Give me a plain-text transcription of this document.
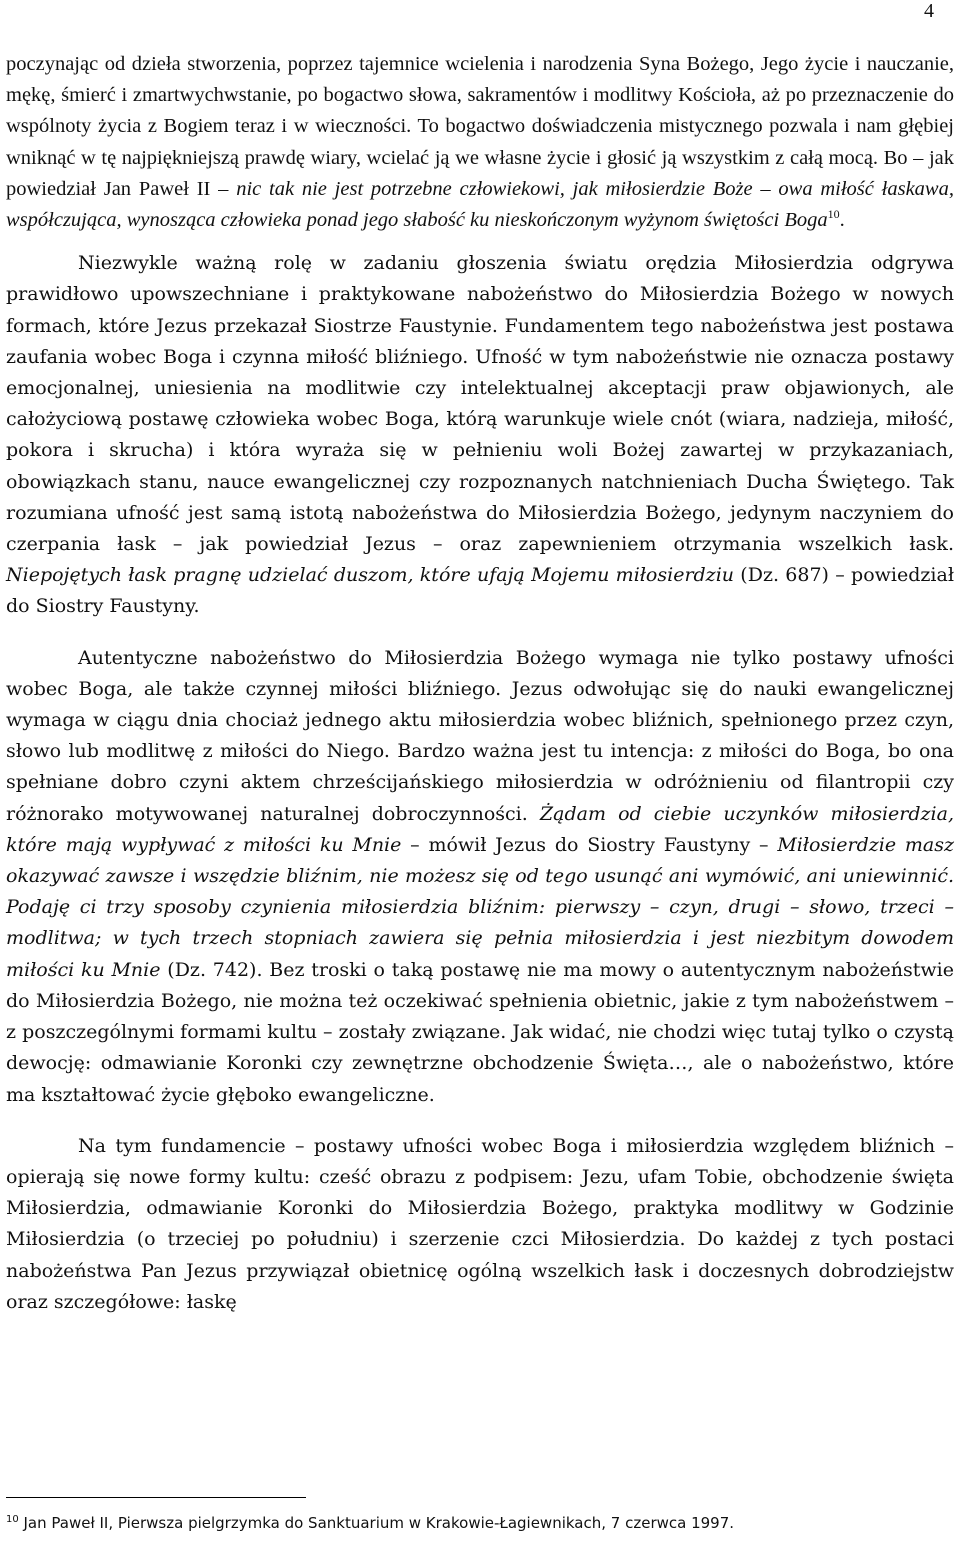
4

poczynając od dzieła stworzenia, poprzez tajemnice wcielenia i narodzenia Syna Bożego, Jego życie i nauczanie, mękę, śmierć i zmartwychwstanie, po bogactwo słowa, sakramentów i modlitwy Kościoła, aż po przeznaczenie do wspólnoty życia z Bogiem teraz i w wieczności. To bogactwo doświadczenia mistycznego pozwala i nam głębiej wniknąć w tę najpiękniejszą prawdę wiary, wcielać ją we własne życie i głosić ją wszystkim z całą mocą. Bo – jak powiedział Jan Paweł II – nic tak nie jest potrzebne człowiekowi, jak miłosierdzie Boże – owa miłość łaskawa, współczująca, wynosząca człowieka ponad jego słabość ku nieskończonym wyżynom świętości Boga$^{10}$.

Niezwykle ważną rolę w zadaniu głoszenia światu orędzia Miłosierdzia odgrywa prawidłowo upowszechniane i praktykowane nabożeństwo do Miłosierdzia Bożego w nowych formach, które Jezus przekazał Siostrze Faustynie. Fundamentem tego nabożeństwa jest postawa zaufania wobec Boga i czynna miłość bliźniego. Ufność w tym nabożeństwie nie oznacza postawy emocjonalnej, uniesienia na modlitwie czy intelektualnej akceptacji praw objawionych, ale całożyciową postawę człowieka wobec Boga, którą warunkuje wiele cnót (wiara, nadzieja, miłość, pokora i skrucha) i która wyraża się w pełnieniu woli Bożej zawartej w przykazaniach, obowiązkach stanu, nauce ewangelicznej czy rozpoznanych natchnieniach Ducha Świętego. Tak rozumiana ufność jest samą istotą nabożeństwa do Miłosierdzia Bożego, jedynym naczyniem do czerpania łask – jak powiedział Jezus – oraz zapewnieniem otrzymania wszelkich łask. Niepojętych łask pragnę udzielać duszom, które ufają Mojemu miłosierdziu (Dz. 687) – powiedział do Siostry Faustyny.

Autentyczne nabożeństwo do Miłosierdzia Bożego wymaga nie tylko postawy ufności wobec Boga, ale także czynnej miłości bliźniego. Jezus odwołując się do nauki ewangelicznej wymaga w ciągu dnia chociaż jednego aktu miłosierdzia wobec bliźnich, spełnionego przez czyn, słowo lub modlitwę z miłości do Niego. Bardzo ważna jest tu intencja: z miłości do Boga, bo ona spełniane dobro czyni aktem chrześcijańskiego miłosierdzia w odróżnieniu od filantropii czy różnorako motywowanej naturalnej dobroczynności. Żądam od ciebie uczynków miłosierdzia, które mają wypływać z miłości ku Mnie – mówił Jezus do Siostry Faustyny – Miłosierdzie masz okazywać zawsze i wszędzie bliźnim, nie możesz się od tego usunąć ani wymówić, ani uniewinnić. Podaję ci trzy sposoby czynienia miłosierdzia bliźnim: pierwszy – czyn, drugi – słowo, trzeci – modlitwa; w tych trzech stopniach zawiera się pełnia miłosierdzia i jest niezbitym dowodem miłości ku Mnie (Dz. 742). Bez troski o taką postawę nie ma mowy o autentycznym nabożeństwie do Miłosierdzia Bożego, nie można też oczekiwać spełnienia obietnic, jakie z tym nabożeństwem – z poszczególnymi formami kultu – zostały związane. Jak widać, nie chodzi więc tutaj tylko o czystą dewocję: odmawianie Koronki czy zewnętrzne obchodzenie Święta…, ale o nabożeństwo, które ma kształtować życie głęboko ewangeliczne.

Na tym fundamencie – postawy ufności wobec Boga i miłosierdzia względem bliźnich – opierają się nowe formy kultu: cześć obrazu z podpisem: Jezu, ufam Tobie, obchodzenie święta Miłosierdzia, odmawianie Koronki do Miłosierdzia Bożego, praktyka modlitwy w Godzinie Miłosierdzia (o trzeciej po południu) i szerzenie czci Miłosierdzia. Do każdej z tych postaci nabożeństwa Pan Jezus przywiązał obietnicę ogólną wszelkich łask i doczesnych dobrodziejstw oraz szczegółowe: łaskę

$^{10}$ Jan Paweł II, Pierwsza pielgrzymka do Sanktuarium w Krakowie-Łagiewnikach, 7 czerwca 1997.
